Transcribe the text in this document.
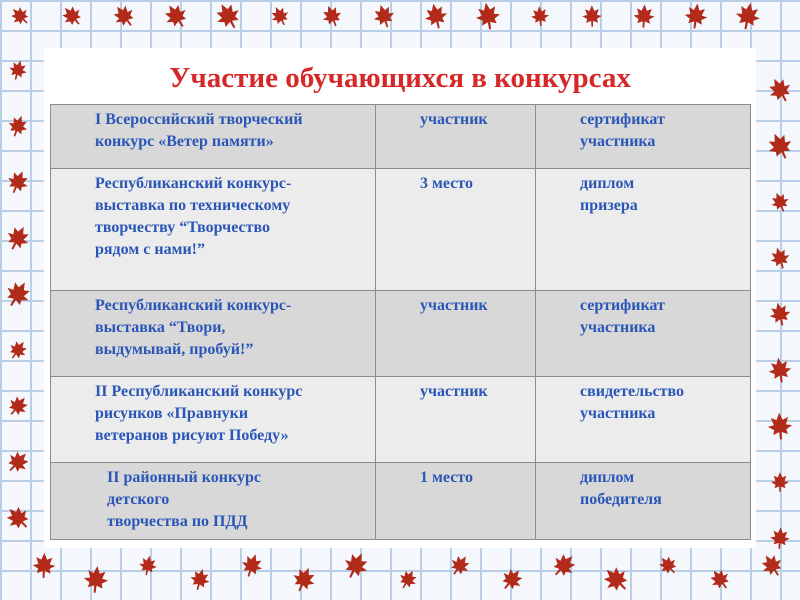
Участие обучающихся в конкурсах
I Всероссийский творческий
конкурс «Ветер памяти»	участник	сертификат
участника

Республиканский конкурс-
выставка по техническому
творчеству “Творчество
рядом с нами!”	3 место	диплом
призера

Республиканский конкурс-
выставка “Твори,
выдумывай, пробуй!”	участник	сертификат
участника

II Республиканский конкурс
рисунков «Правнуки
ветеранов рисуют Победу»	участник	свидетельство
участника

II районный конкурс
детского
творчества по ПДД	1 место	диплом
победителя
